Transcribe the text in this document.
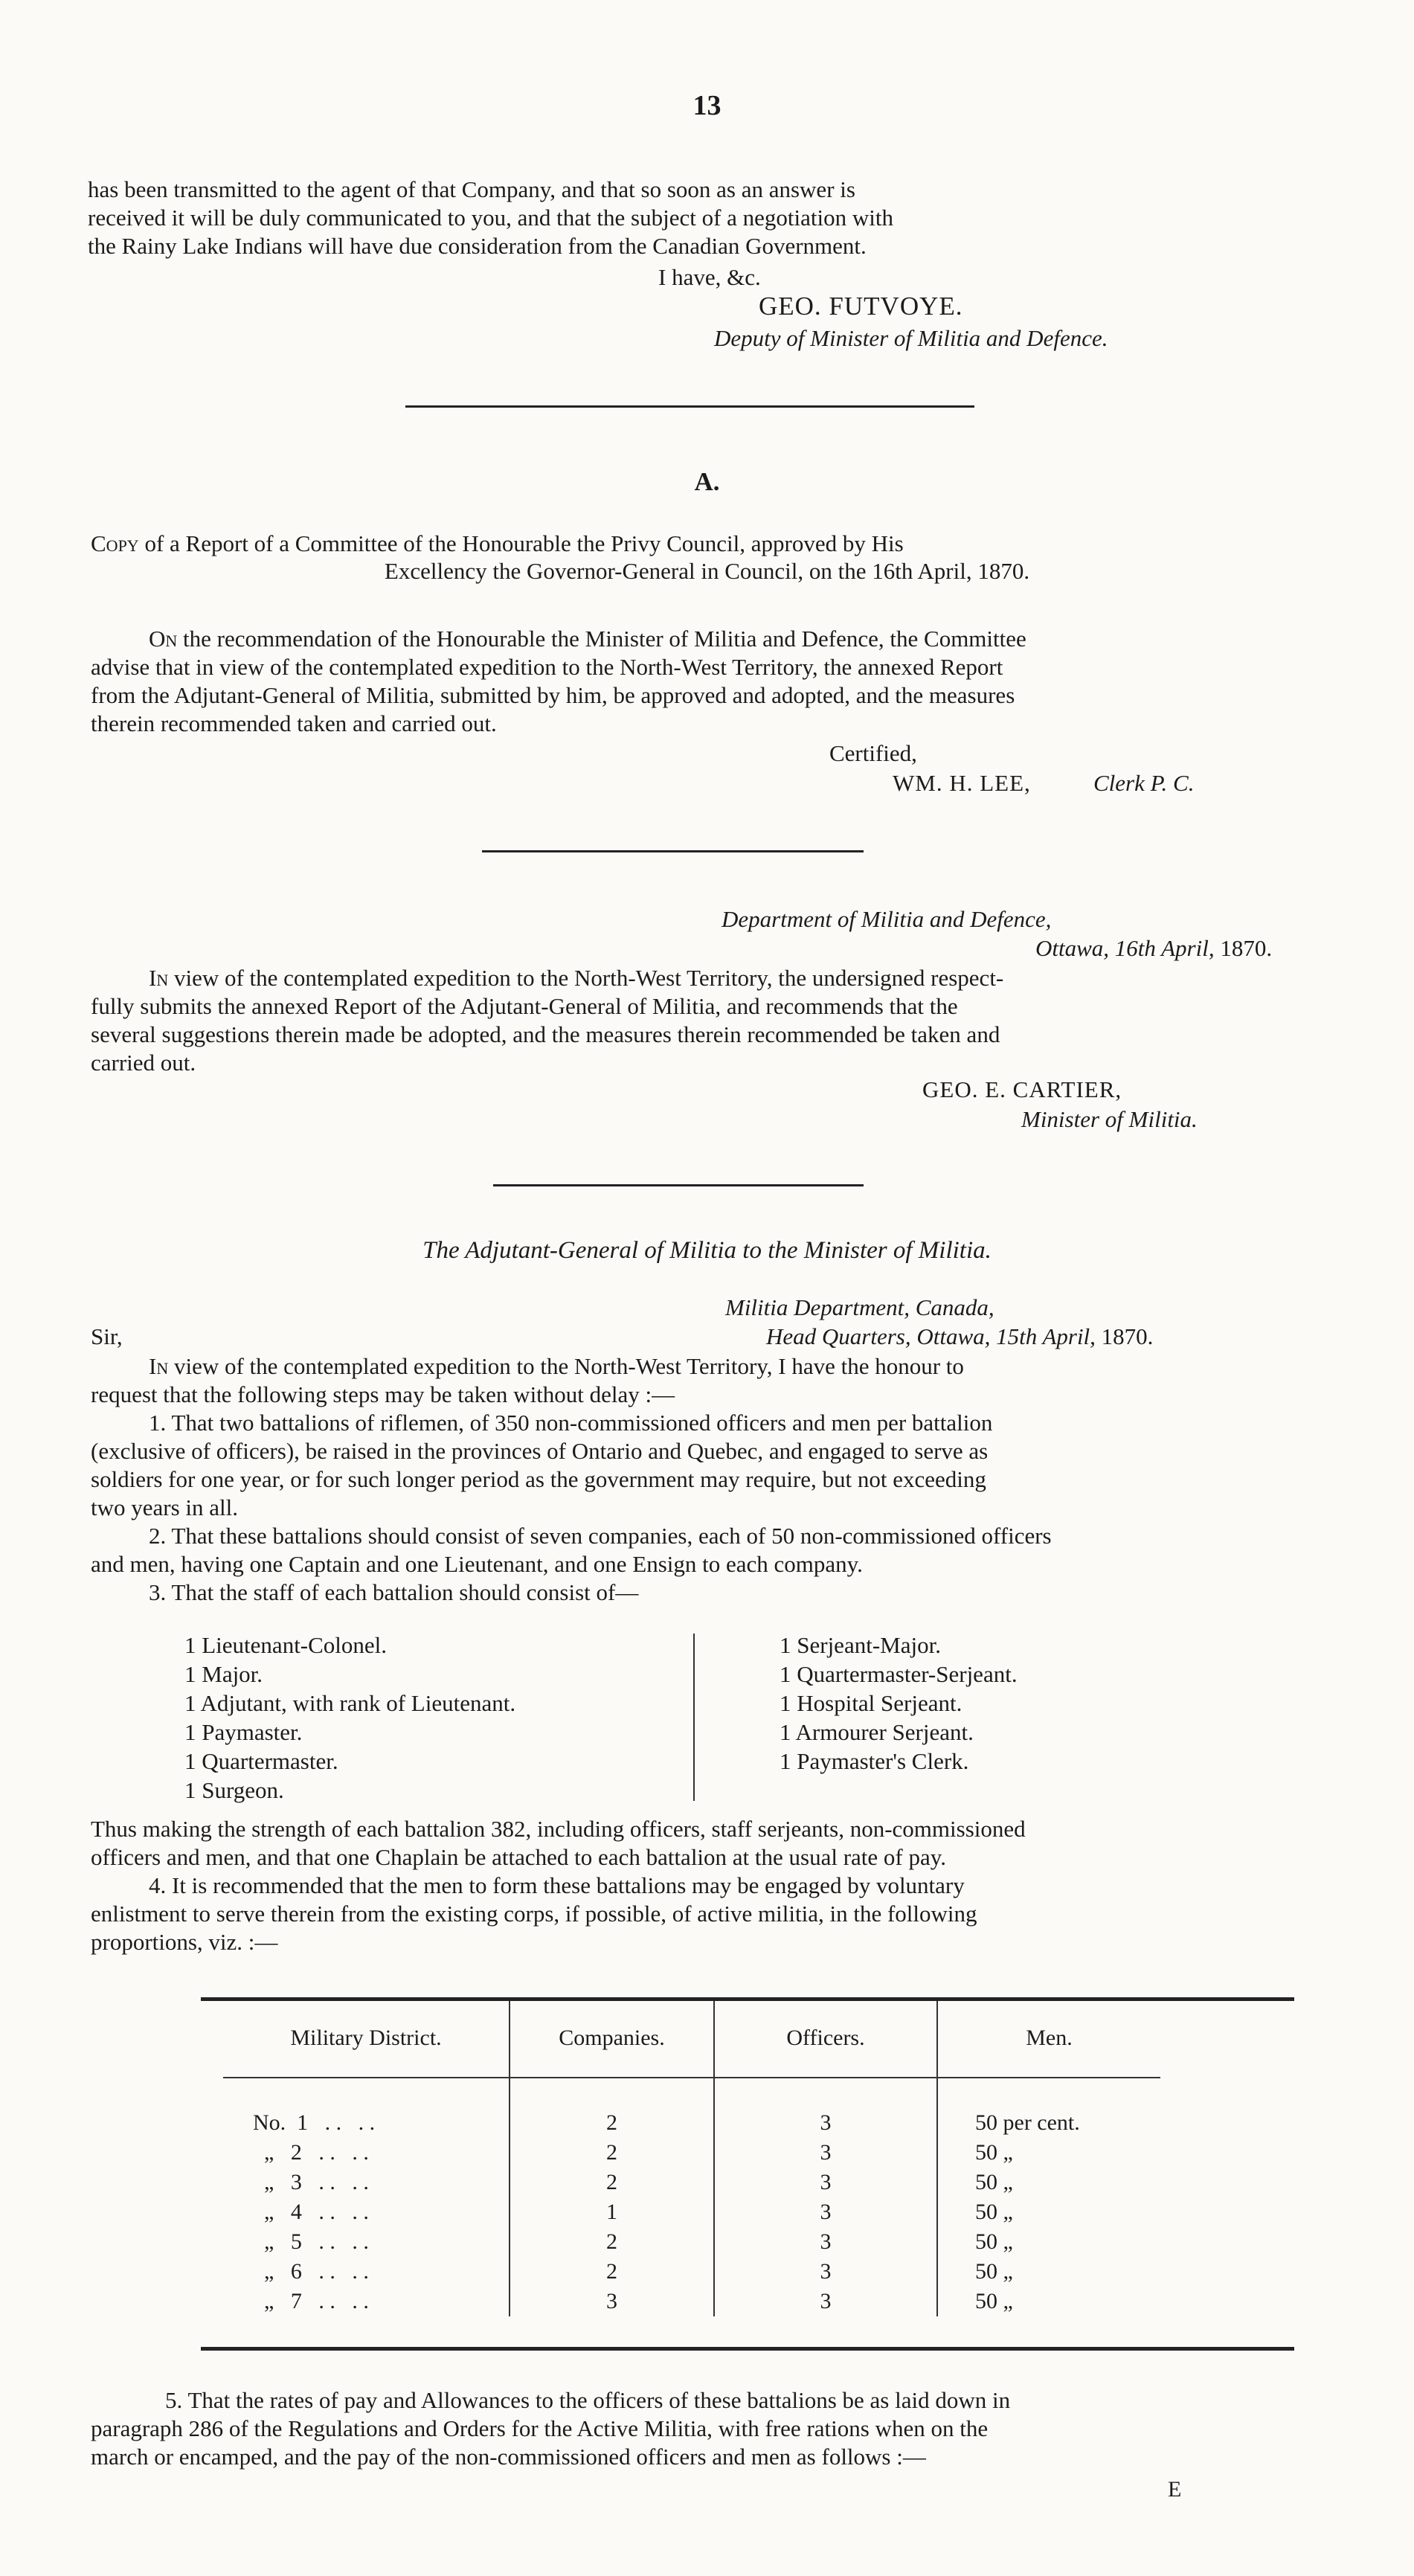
13
has been transmitted to the agent of that Company, and that so soon as an answer is
received it will be duly communicated to you, and that the subject of a negotiation with
the Rainy Lake Indians will have due consideration from the Canadian Government.
I have, &c.
GEO. FUTVOYE.
Deputy of Minister of Militia and Defence.
A.
Copy of a Report of a Committee of the Honourable the Privy Council, approved by His
Excellency the Governor-General in Council, on the 16th April, 1870.
On the recommendation of the Honourable the Minister of Militia and Defence, the Committee
advise that in view of the contemplated expedition to the North-West Territory, the annexed Report
from the Adjutant-General of Militia, submitted by him, be approved and adopted, and the measures
therein recommended taken and carried out.
Certified,
WM. H. LEE,	Clerk P. C.
Department of Militia and Defence,
Ottawa, 16th April, 1870.
In view of the contemplated expedition to the North-West Territory, the undersigned respect-
fully submits the annexed Report of the Adjutant-General of Militia, and recommends that the
several suggestions therein made be adopted, and the measures therein recommended be taken and
carried out.
GEO. E. CARTIER,
Minister of Militia.
The Adjutant-General of Militia to the Minister of Militia.
Militia Department, Canada,
Head Quarters, Ottawa, 15th April, 1870.
Sir,
In view of the contemplated expedition to the North-West Territory, I have the honour to
request that the following steps may be taken without delay :—
1. That two battalions of riflemen, of 350 non-commissioned officers and men per battalion
(exclusive of officers), be raised in the provinces of Ontario and Quebec, and engaged to serve as
soldiers for one year, or for such longer period as the government may require, but not exceeding
two years in all.
2. That these battalions should consist of seven companies, each of 50 non-commissioned officers
and men, having one Captain and one Lieutenant, and one Ensign to each company.
3. That the staff of each battalion should consist of—
1 Lieutenant-Colonel.
1 Major.
1 Adjutant, with rank of Lieutenant.
1 Paymaster.
1 Quartermaster.
1 Surgeon.
1 Serjeant-Major.
1 Quartermaster-Serjeant.
1 Hospital Serjeant.
1 Armourer Serjeant.
1 Paymaster's Clerk.
Thus making the strength of each battalion 382, including officers, staff serjeants, non-commissioned
officers and men, and that one Chaplain be attached to each battalion at the usual rate of pay.
4. It is recommended that the men to form these battalions may be engaged by voluntary
enlistment to serve therein from the existing corps, if possible, of active militia, in the following
proportions, viz. :—
Military District.	Companies.	Officers.	Men.
No.  1   . .   . .	2	3	50 per cent.
„   2   . .   . .	2	3	50 „
„   3   . .   . .	2	3	50 „
„   4   . .   . .	1	3	50 „
„   5   . .   . .	2	3	50 „
„   6   . .   . .	2	3	50 „
„   7   . .   . .	3	3	50 „
5. That the rates of pay and Allowances to the officers of these battalions be as laid down in
paragraph 286 of the Regulations and Orders for the Active Militia, with free rations when on the
march or encamped, and the pay of the non-commissioned officers and men as follows :—
E
